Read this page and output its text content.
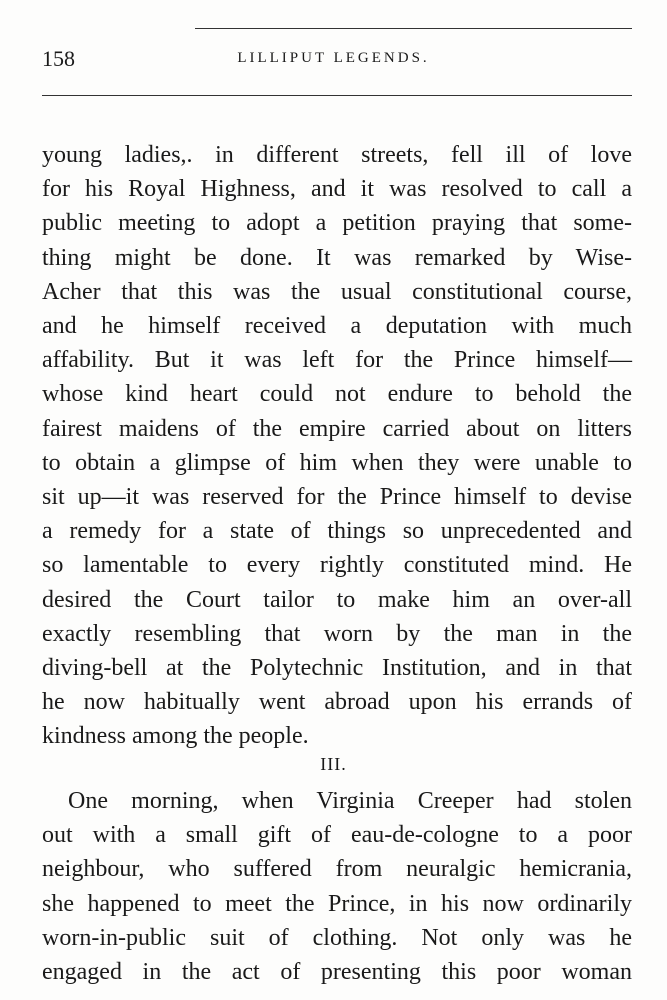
158	LILLIPUT LEGENDS.
young ladies,. in different streets, fell ill of love
for his Royal Highness, and it was resolved to call a
public meeting to adopt a petition praying that some-
thing might be done. It was remarked by Wise-
Acher that this was the usual constitutional course,
and he himself received a deputation with much
affability. But it was left for the Prince himself—
whose kind heart could not endure to behold the
fairest maidens of the empire carried about on litters
to obtain a glimpse of him when they were unable to
sit up—it was reserved for the Prince himself to devise
a remedy for a state of things so unprecedented and
so lamentable to every rightly constituted mind. He
desired the Court tailor to make him an over-all
exactly resembling that worn by the man in the
diving-bell at the Polytechnic Institution, and in that
he now habitually went abroad upon his errands of
kindness among the people.
III.
One morning, when Virginia Creeper had stolen
out with a small gift of eau-de-cologne to a poor
neighbour, who suffered from neuralgic hemicrania,
she happened to meet the Prince, in his now ordinarily
worn-in-public suit of clothing. Not only was he
engaged in the act of presenting this poor woman
